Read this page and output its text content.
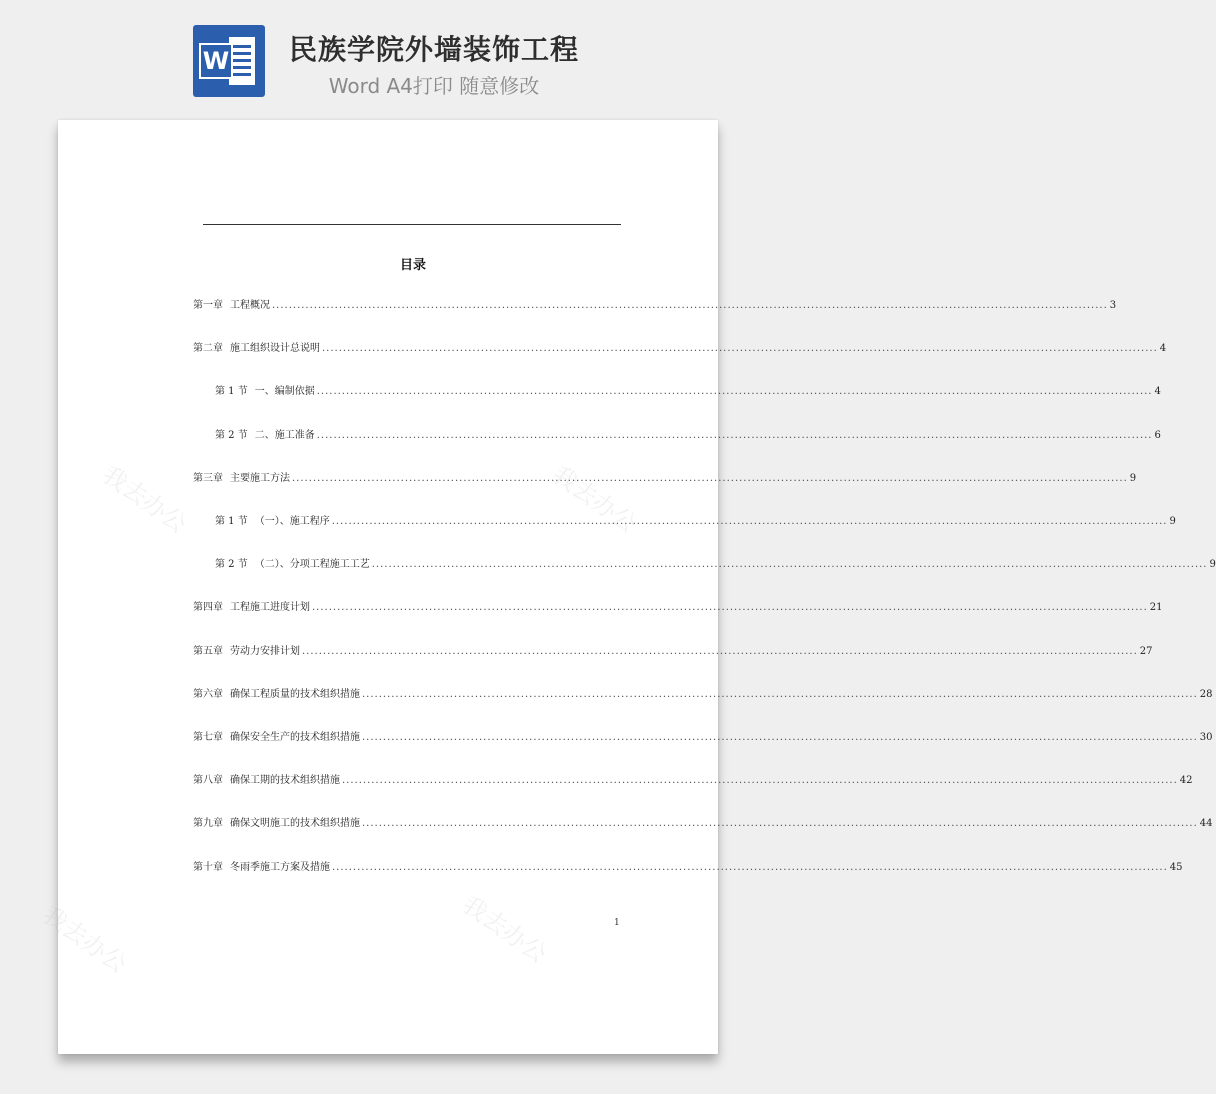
W 民族学院外墙装饰工程
Word A4打印 随意修改
我去办公	我去办公
我去办公	我去办公
目录
第一章 工程概况 ........................................................................................................................................................................................................ 3
第二章 施工组织设计总说明 ........................................................................................................................................................................................................ 4
第 1 节 一、编制依据 ........................................................................................................................................................................................................ 4
第 2 节 二、施工准备 ........................................................................................................................................................................................................ 6
第三章 主要施工方法 ........................................................................................................................................................................................................ 9
第 1 节 （一）、施工程序 ........................................................................................................................................................................................................ 9
第 2 节 （二）、分项工程施工工艺 ........................................................................................................................................................................................................ 9
第四章 工程施工进度计划 ........................................................................................................................................................................................................ 21
第五章 劳动力安排计划 ........................................................................................................................................................................................................ 27
第六章 确保工程质量的技术组织措施 ........................................................................................................................................................................................................ 28
第七章 确保安全生产的技术组织措施 ........................................................................................................................................................................................................ 30
第八章 确保工期的技术组织措施 ........................................................................................................................................................................................................ 42
第九章 确保文明施工的技术组织措施 ........................................................................................................................................................................................................ 44
第十章 冬雨季施工方案及措施 ........................................................................................................................................................................................................ 45
1
